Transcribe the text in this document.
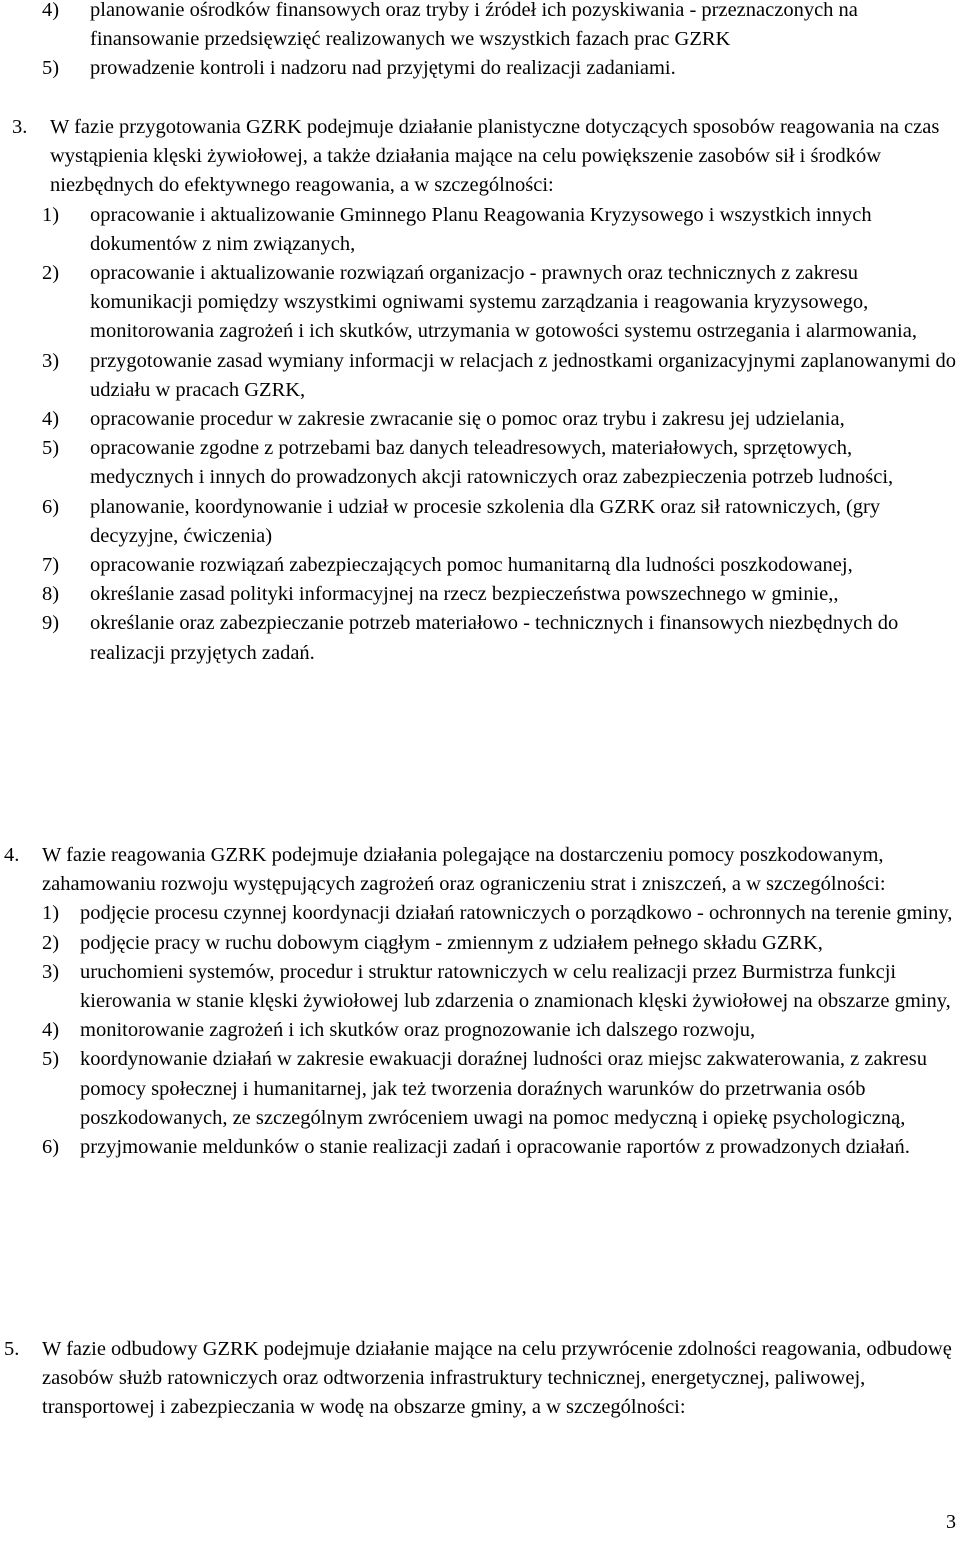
4) planowanie ośrodków finansowych oraz tryby i źródeł ich pozyskiwania - przeznaczonych na finansowanie przedsięwzięć realizowanych we wszystkich fazach prac GZRK
5) prowadzenie kontroli i nadzoru nad przyjętymi do realizacji zadaniami.
3.	W fazie przygotowania GZRK podejmuje działanie planistyczne dotyczących sposobów reagowania na czas wystąpienia klęski żywiołowej, a także działania mające na celu powiększenie zasobów sił i środków niezbędnych do efektywnego reagowania, a w szczególności:
1) opracowanie i aktualizowanie Gminnego Planu Reagowania Kryzysowego i wszystkich innych dokumentów z nim związanych,
2) opracowanie i aktualizowanie rozwiązań organizacjo - prawnych oraz technicznych z zakresu komunikacji pomiędzy wszystkimi ogniwami systemu zarządzania i reagowania kryzysowego, monitorowania zagrożeń i ich skutków, utrzymania w gotowości systemu ostrzegania i alarmowania,
3) przygotowanie zasad wymiany informacji w relacjach z jednostkami organizacyjnymi zaplanowanymi do udziału w pracach GZRK,
4) opracowanie procedur w zakresie zwracanie się o pomoc oraz trybu i zakresu jej udzielania,
5) opracowanie zgodne z potrzebami baz danych teleadresowych, materiałowych, sprzętowych, medycznych i innych do prowadzonych akcji ratowniczych oraz zabezpieczenia potrzeb ludności,
6) planowanie, koordynowanie i udział w procesie szkolenia dla GZRK oraz sił ratowniczych, (gry decyzyjne, ćwiczenia)
7) opracowanie rozwiązań zabezpieczających pomoc humanitarną dla ludności poszkodowanej,
8) określanie zasad polityki informacyjnej na rzecz bezpieczeństwa powszechnego w gminie,,
9) określanie oraz zabezpieczanie potrzeb materiałowo - technicznych i finansowych niezbędnych do realizacji przyjętych zadań.
4. W fazie reagowania GZRK podejmuje działania polegające na dostarczeniu pomocy poszkodowanym, zahamowaniu rozwoju występujących zagrożeń oraz ograniczeniu strat i zniszczeń, a w szczególności:
1) podjęcie procesu czynnej koordynacji działań ratowniczych o porządkowo - ochronnych na terenie gminy,
2) podjęcie pracy w ruchu dobowym ciągłym - zmiennym z udziałem pełnego składu GZRK,
3) uruchomieni systemów, procedur i struktur ratowniczych w celu realizacji przez Burmistrza funkcji kierowania w stanie klęski żywiołowej lub zdarzenia o znamionach klęski żywiołowej na obszarze gminy,
4) monitorowanie zagrożeń i ich skutków oraz prognozowanie ich dalszego rozwoju,
5) koordynowanie działań w zakresie ewakuacji doraźnej ludności oraz miejsc zakwaterowania, z zakresu pomocy społecznej i humanitarnej, jak też tworzenia doraźnych warunków do przetrwania osób poszkodowanych, ze szczególnym zwróceniem uwagi na pomoc medyczną i opiekę psychologiczną,
6) przyjmowanie meldunków o stanie realizacji zadań i opracowanie raportów z prowadzonych działań.
5. W fazie odbudowy GZRK podejmuje działanie mające na celu przywrócenie zdolności reagowania, odbudowę zasobów służb ratowniczych oraz odtworzenia infrastruktury technicznej, energetycznej, paliwowej, transportowej i zabezpieczania w wodę na obszarze gminy, a w szczególności:
3
